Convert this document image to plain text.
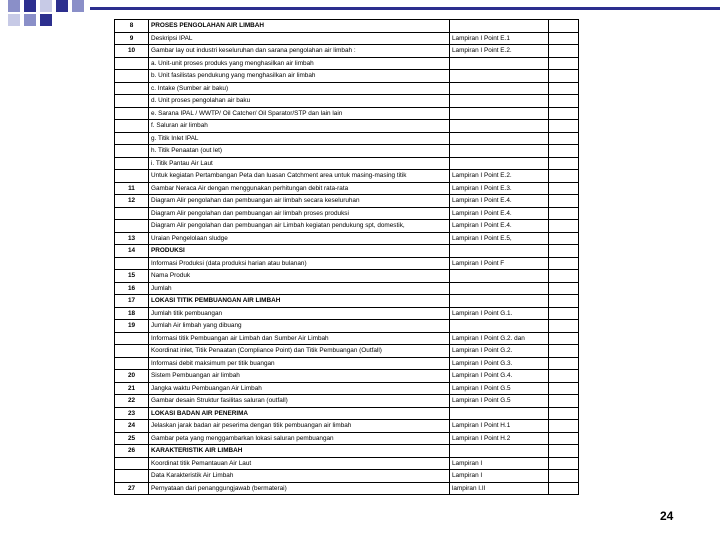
8	PROSES PENGOLAHAN AIR LIMBAH		
9	Deskripsi IPAL	Lampiran I Point E.1	
10	Gambar lay out industri keseluruhan dan sarana pengolahan air limbah :	Lampiran I Point E.2.	
	a. Unit-unit proses produks yang menghasilkan air limbah		
	b. Unit fasilistas pendukung yang menghasilkan air limbah		
	c. Intake (Sumber air baku)		
	d. Unit proses pengolahan air baku		
	e. Sarana IPAL / WWTP/ Oil Catcher/ Oil Sparator/STP dan lain lain		
	f. Saluran air limbah		
	g. Titik Inlet IPAL		
	h. Titik Penaatan (out let)		
	i. Titik Pantau Air Laut		
	Untuk kegiatan Pertambangan Peta dan luasan Catchment area untuk masing-masing titik	Lampiran I Point E.2.	
11	Gambar Neraca Air dengan menggunakan perhitungan debit rata-rata	Lampiran I Point E.3.	
12	Diagram Alir pengolahan dan pembuangan air limbah secara keseluruhan	Lampiran I Point E.4.	
	Diagram Alir pengolahan dan pembuangan air limbah proses produksi	Lampiran I Point E.4.	
	Diagram Alir pengolahan dan pembuangan air Limbah kegiatan pendukung spt, domestik,	Lampiran I Point E.4.	
13	Uraian Pengelolaan sludge	Lampiran I Point E.5,	
14	PRODUKSI		
	Informasi Produksi (data produksi harian atau bulanan)	Lampiran I Point F	
15	Nama Produk		
16	Jumlah		
17	LOKASI TITIK PEMBUANGAN AIR LIMBAH		
18	Jumlah titik pembuangan	Lampiran I Point G.1.	
19	Jumlah Air limbah yang dibuang		
	Informasi titik Pembuangan air Limbah dan Sumber Air Limbah	Lampiran I Point G.2. dan	
	Koordinat inlet, Titik Penaatan (Compliance Point) dan Titik Pembuangan (Outfall)	Lampiran I Point G.2.	
	Informasi debit maksimum per titik buangan	Lampiran I Point G.3.	
20	Sistem Pembuangan air limbah	Lampiran I Point G.4.	
21	Jangka waktu Pembuangan Air Limbah	Lampiran I Point G.5	
22	Gambar desain Struktur fasilitas saluran (outfall)	Lampiran I Point G.5	
23	LOKASI BADAN AIR PENERIMA		
24	Jelaskan jarak badan air peserima dengan titik pembuangan air limbah	Lampiran I Point H.1	
25	Gambar peta yang menggambarkan lokasi saluran pembuangan	Lampiran I Point H.2	
26	KARAKTERISTIK AIR LIMBAH		
	Koordinat titik Pemantauan Air Laut	Lampiran I	
	Data Karakteristik Air Limbah	Lampiran I	
27	Pernyataan dari penanggungjawab (bermaterai)	lampiran I.II	
24
